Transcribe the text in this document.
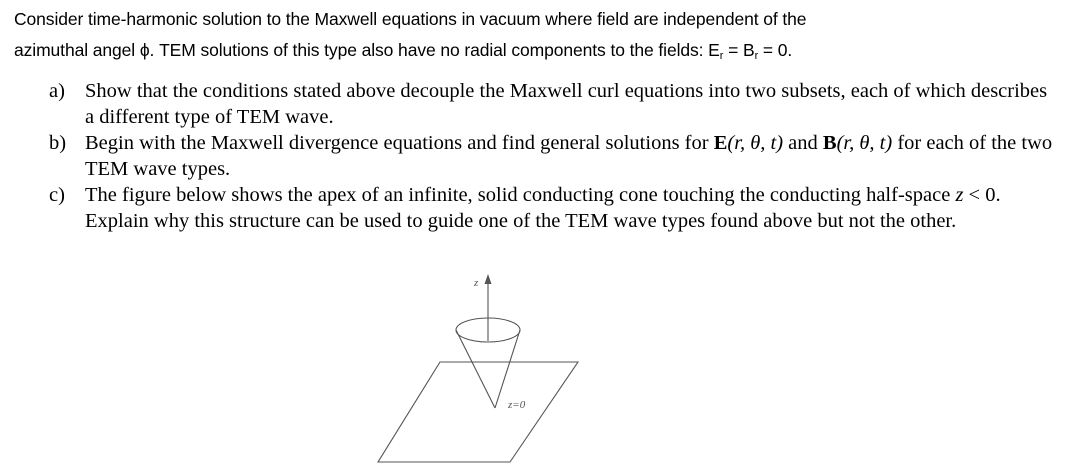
Consider time-harmonic solution to the Maxwell equations in vacuum where field are independent of the
azimuthal angel ϕ. TEM solutions of this type also have no radial components to the fields: $E_r = B_r = 0$.
a) Show that the conditions stated above decouple the Maxwell curl equations into two subsets, each of which describes a different type of TEM wave.
b) Begin with the Maxwell divergence equations and find general solutions for E(r, θ, t) and B(r, θ, t) for each of the two TEM wave types.
c) The figure below shows the apex of an infinite, solid conducting cone touching the conducting half-space z < 0. Explain why this structure can be used to guide one of the TEM wave types found above but not the other.
z
z=0
